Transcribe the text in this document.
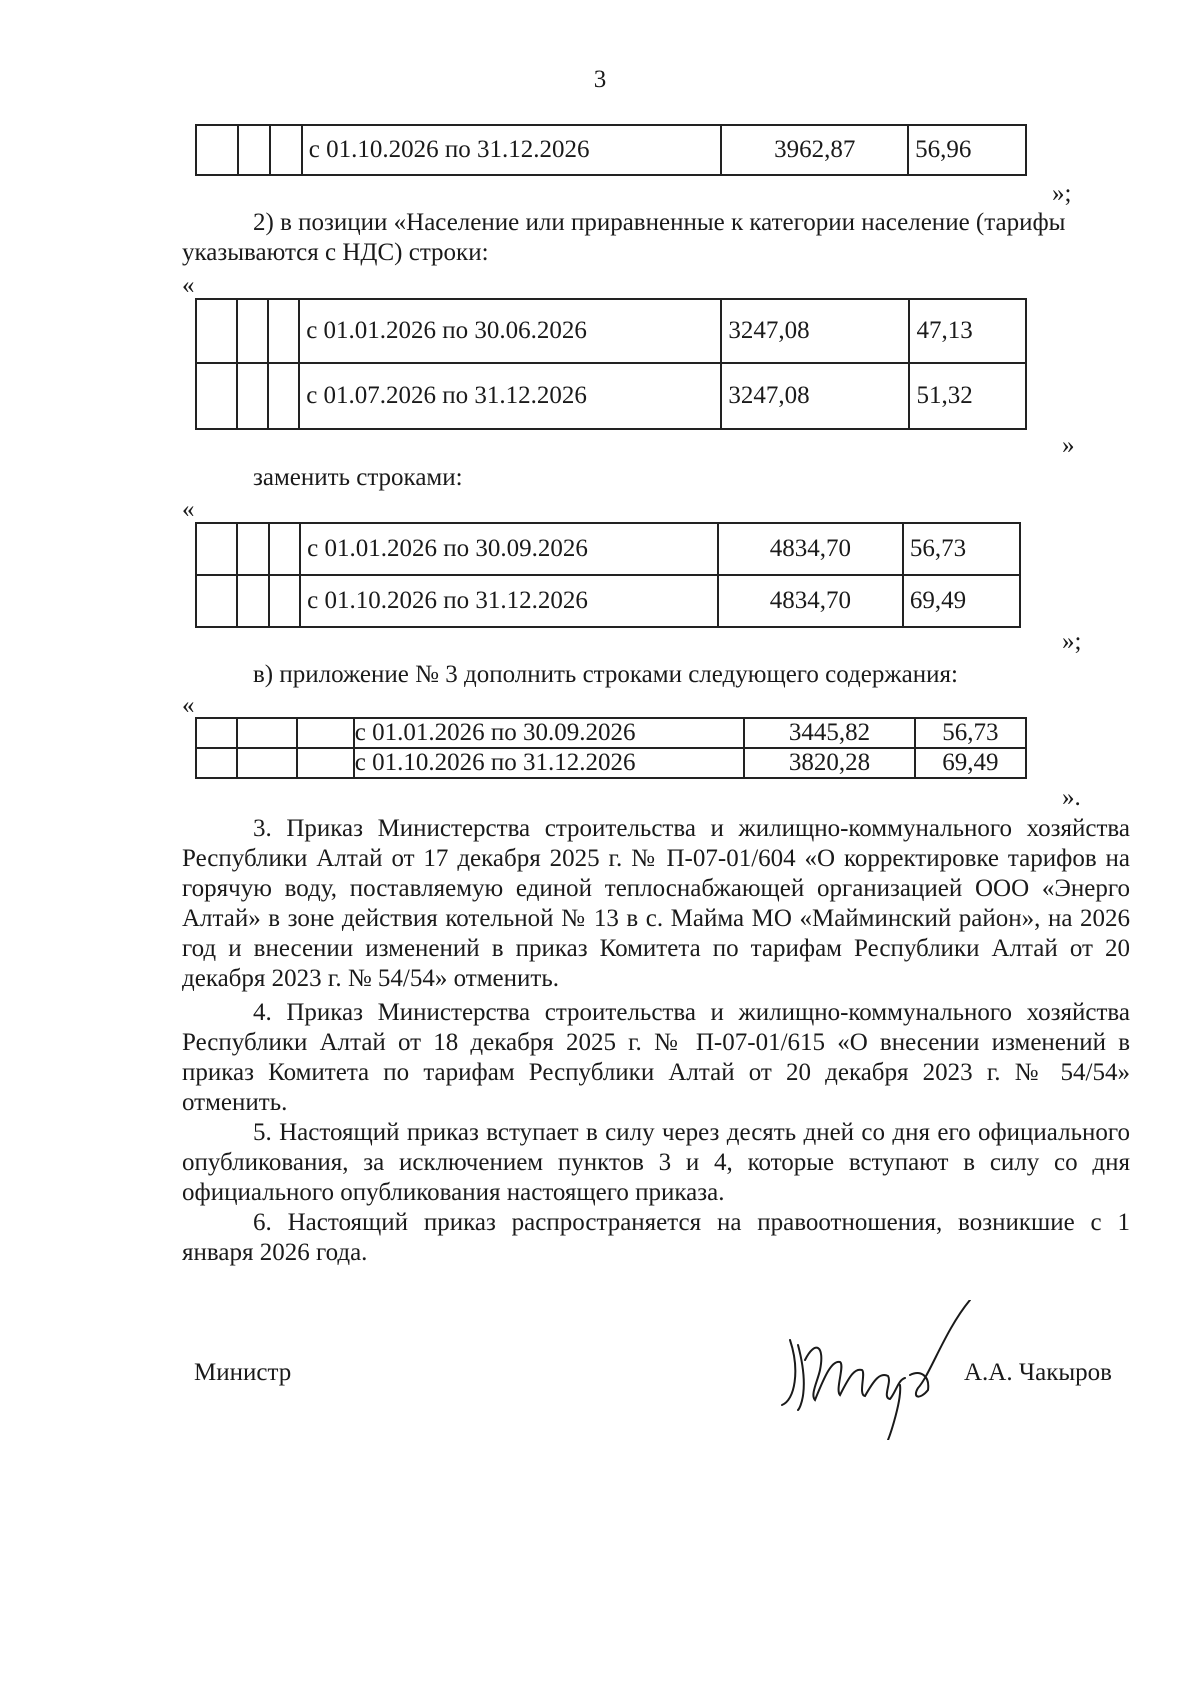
3
			с 01.10.2026 по 31.12.2026	3962,87	56,96
»;
2) в позиции «Население или приравненные к категории население (тарифы
указываются с НДС) строки:
«
			с 01.01.2026 по 30.06.2026	3247,08	47,13
			с 01.07.2026 по 31.12.2026	3247,08	51,32
»
заменить строками:
«
			с 01.01.2026 по 30.09.2026	4834,70	56,73
			с 01.10.2026 по 31.12.2026	4834,70	69,49
»;
в) приложение № 3 дополнить строками следующего содержания:
«
			с 01.01.2026 по 30.09.2026	3445,82	56,73
			с 01.10.2026 по 31.12.2026	3820,28	69,49
».
3. Приказ Министерства строительства и жилищно-коммунального хозяйства Республики Алтай от 17 декабря 2025 г. № П-07-01/604 «О корректировке тарифов на горячую воду, поставляемую единой теплоснабжающей организацией ООО «Энерго Алтай» в зоне действия котельной № 13 в с. Майма МО «Майминский район», на 2026 год и внесении изменений в приказ Комитета по тарифам Республики Алтай от 20 декабря 2023 г. № 54/54» отменить.
4. Приказ Министерства строительства и жилищно-коммунального хозяйства Республики Алтай от 18 декабря 2025 г. № П-07-01/615 «О внесении изменений в приказ Комитета по тарифам Республики Алтай от 20 декабря 2023 г. № 54/54» отменить.
5. Настоящий приказ вступает в силу через десять дней со дня его официального опубликования, за исключением пунктов 3 и 4, которые вступают в силу со дня официального опубликования настоящего приказа.
6. Настоящий приказ распространяется на правоотношения, возникшие с 1 января 2026 года.
Министр	А.А. Чакыров
